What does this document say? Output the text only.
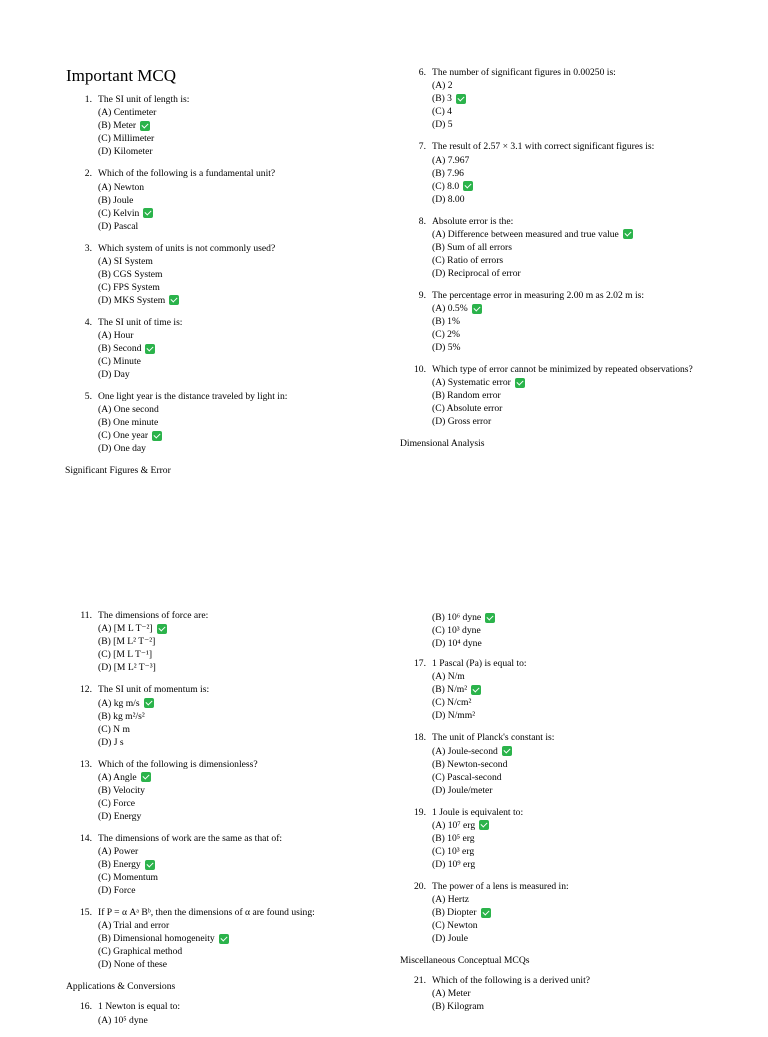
Important MCQ
1. The SI unit of length is:
(A) Centimeter
(B) Meter
(C) Millimeter
(D) Kilometer
2. Which of the following is a fundamental unit?
(A) Newton
(B) Joule
(C) Kelvin
(D) Pascal
3. Which system of units is not commonly used?
(A) SI System
(B) CGS System
(C) FPS System
(D) MKS System
4. The SI unit of time is:
(A) Hour
(B) Second
(C) Minute
(D) Day
5. One light year is the distance traveled by light in:
(A) One second
(B) One minute
(C) One year
(D) One day
Significant Figures & Error
6. The number of significant figures in 0.00250 is:
(A) 2
(B) 3
(C) 4
(D) 5
7. The result of 2.57 × 3.1 with correct significant figures is:
(A) 7.967
(B) 7.96
(C) 8.0
(D) 8.00
8. Absolute error is the:
(A) Difference between measured and true value
(B) Sum of all errors
(C) Ratio of errors
(D) Reciprocal of error
9. The percentage error in measuring 2.00 m as 2.02 m is:
(A) 0.5%
(B) 1%
(C) 2%
(D) 5%
10. Which type of error cannot be minimized by repeated observations?
(A) Systematic error
(B) Random error
(C) Absolute error
(D) Gross error
Dimensional Analysis
11. The dimensions of force are:
(A) [M L T⁻²]
(B) [M L² T⁻²]
(C) [M L T⁻¹]
(D) [M L² T⁻³]
12. The SI unit of momentum is:
(A) kg m/s
(B) kg m²/s²
(C) N m
(D) J s
13. Which of the following is dimensionless?
(A) Angle
(B) Velocity
(C) Force
(D) Energy
14. The dimensions of work are the same as that of:
(A) Power
(B) Energy
(C) Momentum
(D) Force
15. If P = α Aᵃ Bᵇ, then the dimensions of α are found using:
(A) Trial and error
(B) Dimensional homogeneity
(C) Graphical method
(D) None of these
Applications & Conversions
16. 1 Newton is equal to:
(A) 10⁵ dyne
(B) 10⁶ dyne
(C) 10³ dyne
(D) 10⁴ dyne
17. 1 Pascal (Pa) is equal to:
(A) N/m
(B) N/m²
(C) N/cm²
(D) N/mm²
18. The unit of Planck's constant is:
(A) Joule-second
(B) Newton-second
(C) Pascal-second
(D) Joule/meter
19. 1 Joule is equivalent to:
(A) 10⁷ erg
(B) 10⁵ erg
(C) 10³ erg
(D) 10⁹ erg
20. The power of a lens is measured in:
(A) Hertz
(B) Diopter
(C) Newton
(D) Joule
Miscellaneous Conceptual MCQs
21. Which of the following is a derived unit?
(A) Meter
(B) Kilogram
